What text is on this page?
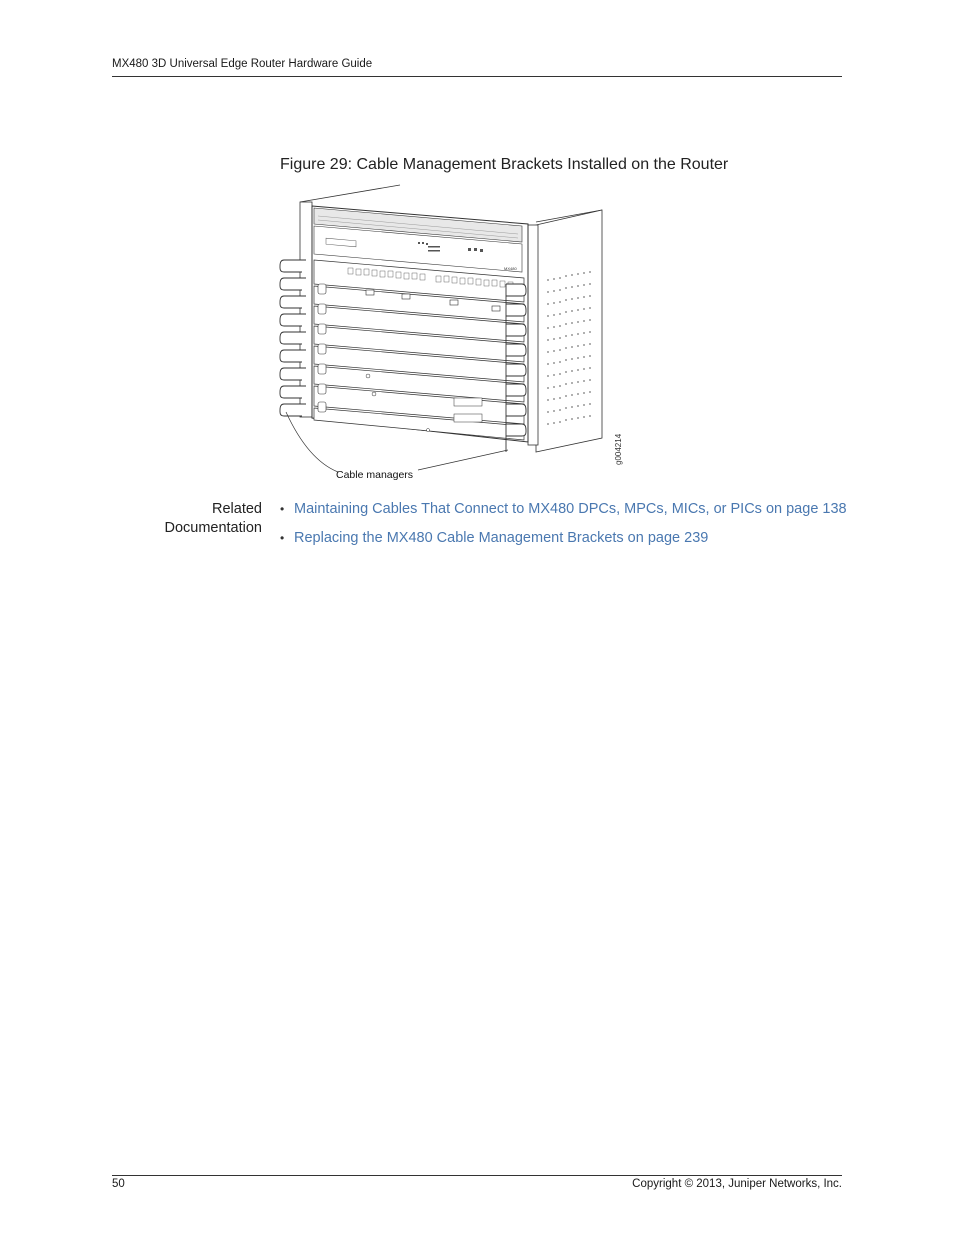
MX480 3D Universal Edge Router Hardware Guide
Figure 29: Cable Management Brackets Installed on the Router
MX480
Cable managers
g004214
Related Documentation
• Maintaining Cables That Connect to MX480 DPCs, MPCs, MICs, or PICs on page 138
• Replacing the MX480 Cable Management Brackets on page 239
50	Copyright © 2013, Juniper Networks, Inc.
